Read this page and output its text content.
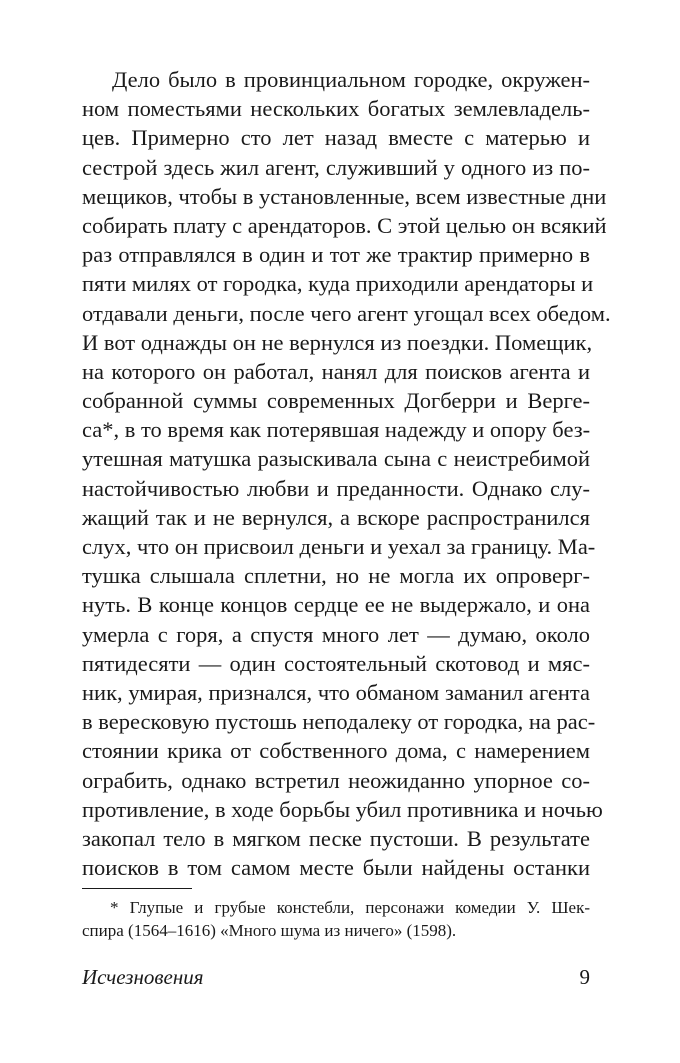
Дело было в провинциальном городке, окружен-
ном поместьями нескольких богатых землевладель-
цев. Примерно сто лет назад вместе с матерью и
сестрой здесь жил агент, служивший у одного из по-
мещиков, чтобы в установленные, всем известные дни
собирать плату с арендаторов. С этой целью он всякий
раз отправлялся в один и тот же трактир примерно в
пяти милях от городка, куда приходили арендаторы и
отдавали деньги, после чего агент угощал всех обедом.
И вот однажды он не вернулся из поездки. Помещик,
на которого он работал, нанял для поисков агента и
собранной суммы современных Догберри и Верге-
са*, в то время как потерявшая надежду и опору без-
утешная матушка разыскивала сына с неистребимой
настойчивостью любви и преданности. Однако слу-
жащий так и не вернулся, а вскоре распространился
слух, что он присвоил деньги и уехал за границу. Ма-
тушка слышала сплетни, но не могла их опроверг-
нуть. В конце концов сердце ее не выдержало, и она
умерла с горя, а спустя много лет — думаю, около
пятидесяти — один состоятельный скотовод и мяс-
ник, умирая, признался, что обманом заманил агента
в вересковую пустошь неподалеку от городка, на рас-
стоянии крика от собственного дома, с намерением
ограбить, однако встретил неожиданно упорное со-
противление, в ходе борьбы убил противника и ночью
закопал тело в мягком песке пустоши. В результате
поисков в том самом месте были найдены останки
* Глупые и грубые констебли, персонажи комедии У. Шек-
спира (1564–1616) «Много шума из ничего» (1598).
Исчезновения	9
